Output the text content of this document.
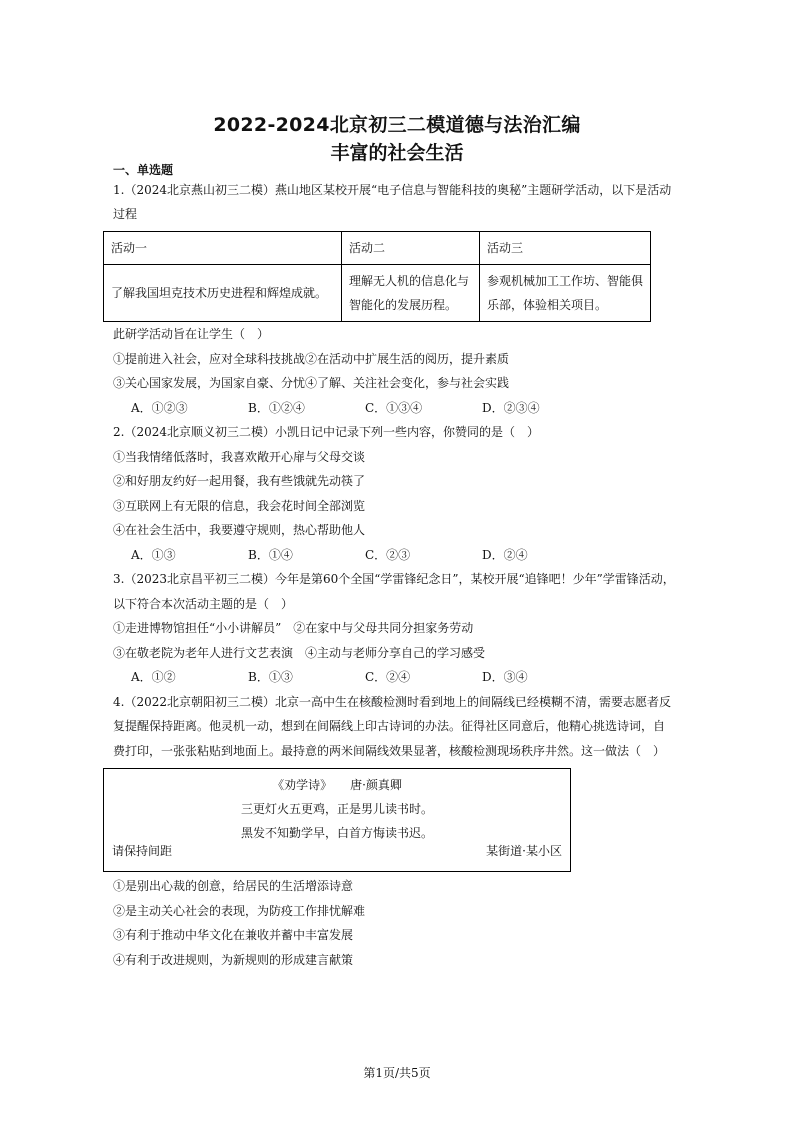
2022-2024北京初三二模道德与法治汇编
丰富的社会生活
一、单选题
1.（2024北京燕山初三二模）燕山地区某校开展“电子信息与智能科技的奥秘”主题研学活动，以下是活动
过程
活动一	活动二	活动三
了解我国坦克技术历史进程和辉煌成就。	理解无人机的信息化与智能化的发展历程。	参观机械加工工作坊、智能俱乐部，体验相关项目。
此研学活动旨在让学生（　）
①提前进入社会，应对全球科技挑战②在活动中扩展生活的阅历，提升素质
③关心国家发展，为国家自豪、分忧④了解、关注社会变化，参与社会实践
A．①②③	B．①②④	C．①③④	D．②③④
2.（2024北京顺义初三二模）小凯日记中记录下列一些内容，你赞同的是（　）
①当我情绪低落时，我喜欢敞开心扉与父母交谈
②和好朋友约好一起用餐，我有些饿就先动筷了
③互联网上有无限的信息，我会花时间全部浏览
④在社会生活中，我要遵守规则，热心帮助他人
A．①③	B．①④	C．②③	D．②④
3.（2023北京昌平初三二模）今年是第60个全国“学雷锋纪念日”，某校开展“追锋吧！少年”学雷锋活动，
以下符合本次活动主题的是（　）
①走进博物馆担任“小小讲解员”　②在家中与父母共同分担家务劳动
③在敬老院为老年人进行文艺表演　④主动与老师分享自己的学习感受
A．①②	B．①③	C．②④	D．③④
4.（2022北京朝阳初三二模）北京一高中生在核酸检测时看到地上的间隔线已经模糊不清，需要志愿者反
复提醒保持距离。他灵机一动，想到在间隔线上印古诗词的办法。征得社区同意后，他精心挑选诗词，自
费打印，一张张粘贴到地面上。最持意的两米间隔线效果显著，核酸检测现场秩序井然。这一做法（　）
《劝学诗》　　唐·颜真卿
三更灯火五更鸡，正是男儿读书时。
黑发不知勤学早，白首方悔读书迟。
请保持间距	某街道·某小区
①是别出心裁的创意，给居民的生活增添诗意
②是主动关心社会的表现，为防疫工作排忧解难
③有利于推动中华文化在兼收并蓄中丰富发展
④有利于改进规则，为新规则的形成建言献策
第1页/共5页
